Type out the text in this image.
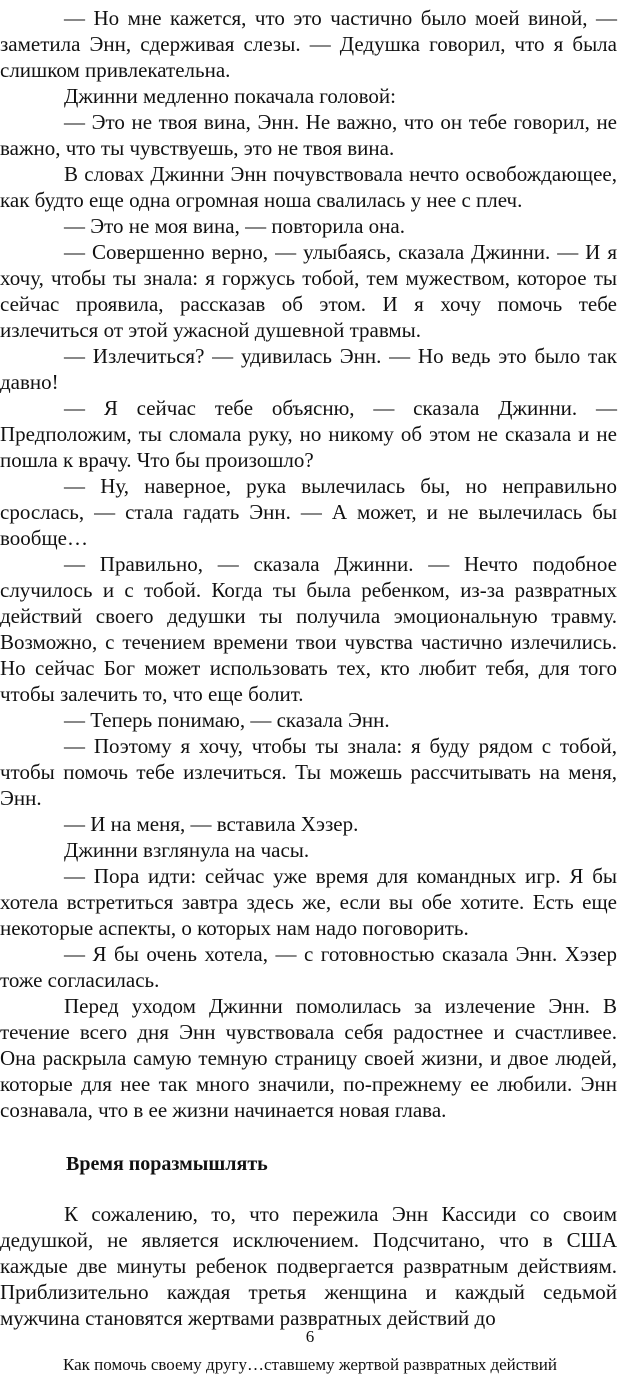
— Но мне кажется, что это частично было моей виной, — заметила Энн, сдерживая слезы. — Дедушка говорил, что я была слишком привлекательна.

Джинни медленно покачала головой:

— Это не твоя вина, Энн. Не важно, что он тебе говорил, не важно, что ты чувствуешь, это не твоя вина.

В словах Джинни Энн почувствовала нечто освобождающее, как будто еще одна огромная ноша свалилась у нее с плеч.

— Это не моя вина, — повторила она.

— Совершенно верно, — улыбаясь, сказала Джинни. — И я хочу, чтобы ты знала: я горжусь тобой, тем мужеством, которое ты сейчас проявила, рассказав об этом. И я хочу помочь тебе излечиться от этой ужасной душевной травмы.

— Излечиться? — удивилась Энн. — Но ведь это было так давно!

— Я сейчас тебе объясню, — сказала Джинни. — Предположим, ты сломала руку, но никому об этом не сказала и не пошла к врачу. Что бы произошло?

— Ну, наверное, рука вылечилась бы, но неправильно срослась, — стала гадать Энн. — А может, и не вылечилась бы вообще…

— Правильно, — сказала Джинни. — Нечто подобное случилось и с тобой. Когда ты была ребенком, из-за развратных действий своего дедушки ты получила эмоциональную травму. Возможно, с течением времени твои чувства частично излечились. Но сейчас Бог может использовать тех, кто любит тебя, для того чтобы залечить то, что еще болит.

— Теперь понимаю, — сказала Энн.

— Поэтому я хочу, чтобы ты знала: я буду рядом с тобой, чтобы помочь тебе излечиться. Ты можешь рассчитывать на меня, Энн.

— И на меня, — вставила Хэзер.

Джинни взглянула на часы.

— Пора идти: сейчас уже время для командных игр. Я бы хотела встретиться завтра здесь же, если вы обе хотите. Есть еще некоторые аспекты, о которых нам надо поговорить.

— Я бы очень хотела, — с готовностью сказала Энн. Хэзер тоже согласилась.

Перед уходом Джинни помолилась за излечение Энн. В течение всего дня Энн чувствовала себя радостнее и счастливее. Она раскрыла самую темную страницу своей жизни, и двое людей, которые для нее так много значили, по-прежнему ее любили. Энн сознавала, что в ее жизни начинается новая глава.

Время поразмышлять

К сожалению, то, что пережила Энн Кассиди со своим дедушкой, не является исключением. Подсчитано, что в США каждые две минуты ребенок подвергается развратным действиям. Приблизительно каждая третья женщина и каждый седьмой мужчина становятся жертвами развратных действий до

6
Как помочь своему другу…ставшему жертвой развратных действий
